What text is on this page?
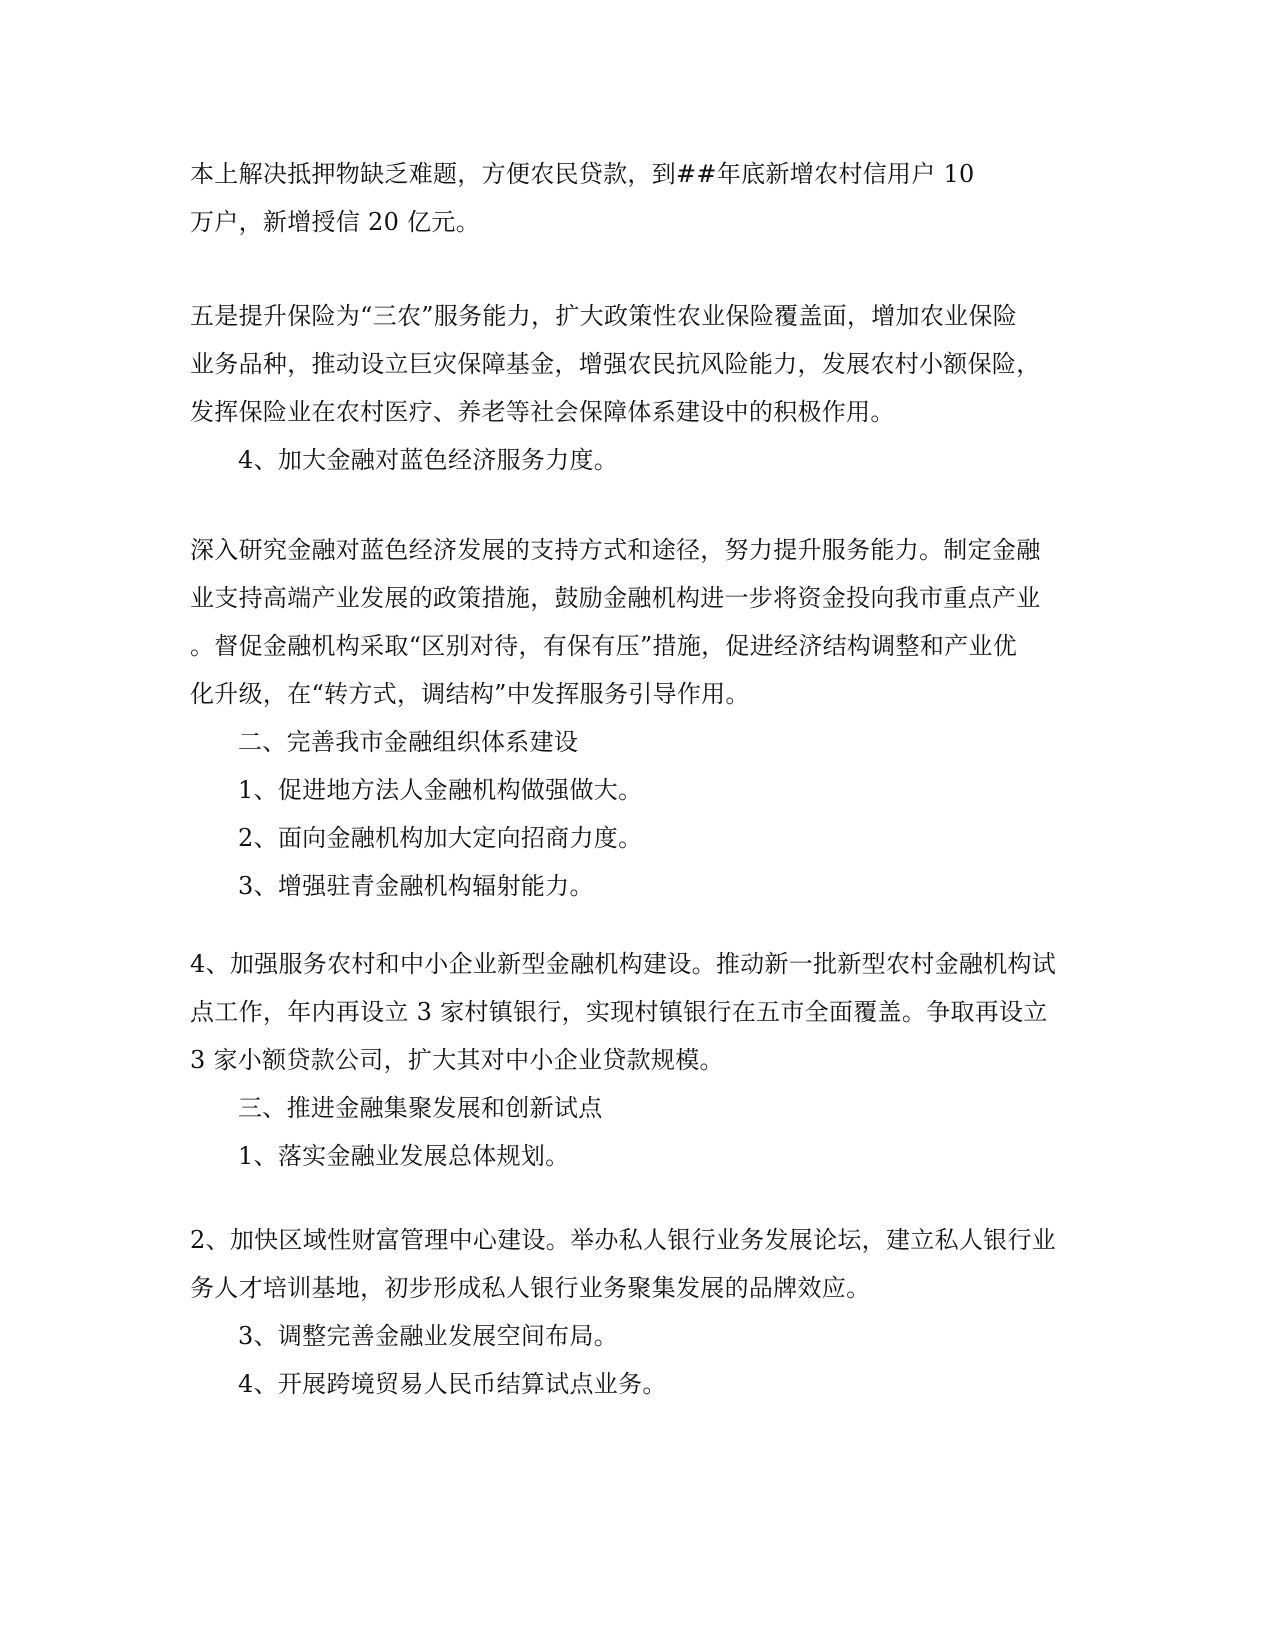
本上解决抵押物缺乏难题，方便农民贷款，到##年底新增农村信用户 10
万户，新增授信 20 亿元。
五是提升保险为“三农”服务能力，扩大政策性农业保险覆盖面，增加农业保险
业务品种，推动设立巨灾保障基金，增强农民抗风险能力，发展农村小额保险，
发挥保险业在农村医疗、养老等社会保障体系建设中的积极作用。
4、加大金融对蓝色经济服务力度。
深入研究金融对蓝色经济发展的支持方式和途径，努力提升服务能力。制定金融
业支持高端产业发展的政策措施，鼓励金融机构进一步将资金投向我市重点产业
。督促金融机构采取“区别对待，有保有压”措施，促进经济结构调整和产业优
化升级，在“转方式，调结构”中发挥服务引导作用。
二、完善我市金融组织体系建设
1、促进地方法人金融机构做强做大。
2、面向金融机构加大定向招商力度。
3、增强驻青金融机构辐射能力。
4、加强服务农村和中小企业新型金融机构建设。推动新一批新型农村金融机构试
点工作，年内再设立 3 家村镇银行，实现村镇银行在五市全面覆盖。争取再设立
3 家小额贷款公司，扩大其对中小企业贷款规模。
三、推进金融集聚发展和创新试点
1、落实金融业发展总体规划。
2、加快区域性财富管理中心建设。举办私人银行业务发展论坛，建立私人银行业
务人才培训基地，初步形成私人银行业务聚集发展的品牌效应。
3、调整完善金融业发展空间布局。
4、开展跨境贸易人民币结算试点业务。
